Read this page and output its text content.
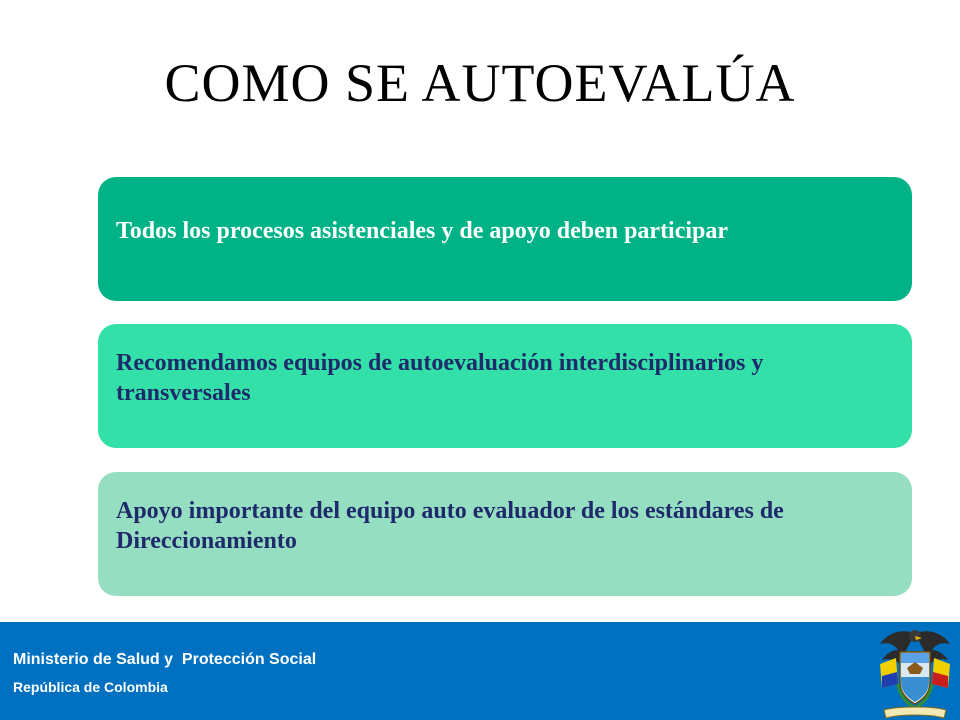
COMO SE AUTOEVALÚA
Todos los procesos asistenciales y de apoyo deben participar
Recomendamos equipos de autoevaluación interdisciplinarios y transversales
Apoyo importante del equipo auto evaluador de los estándares de Direccionamiento
Ministerio de Salud y  Protección Social
República de Colombia
